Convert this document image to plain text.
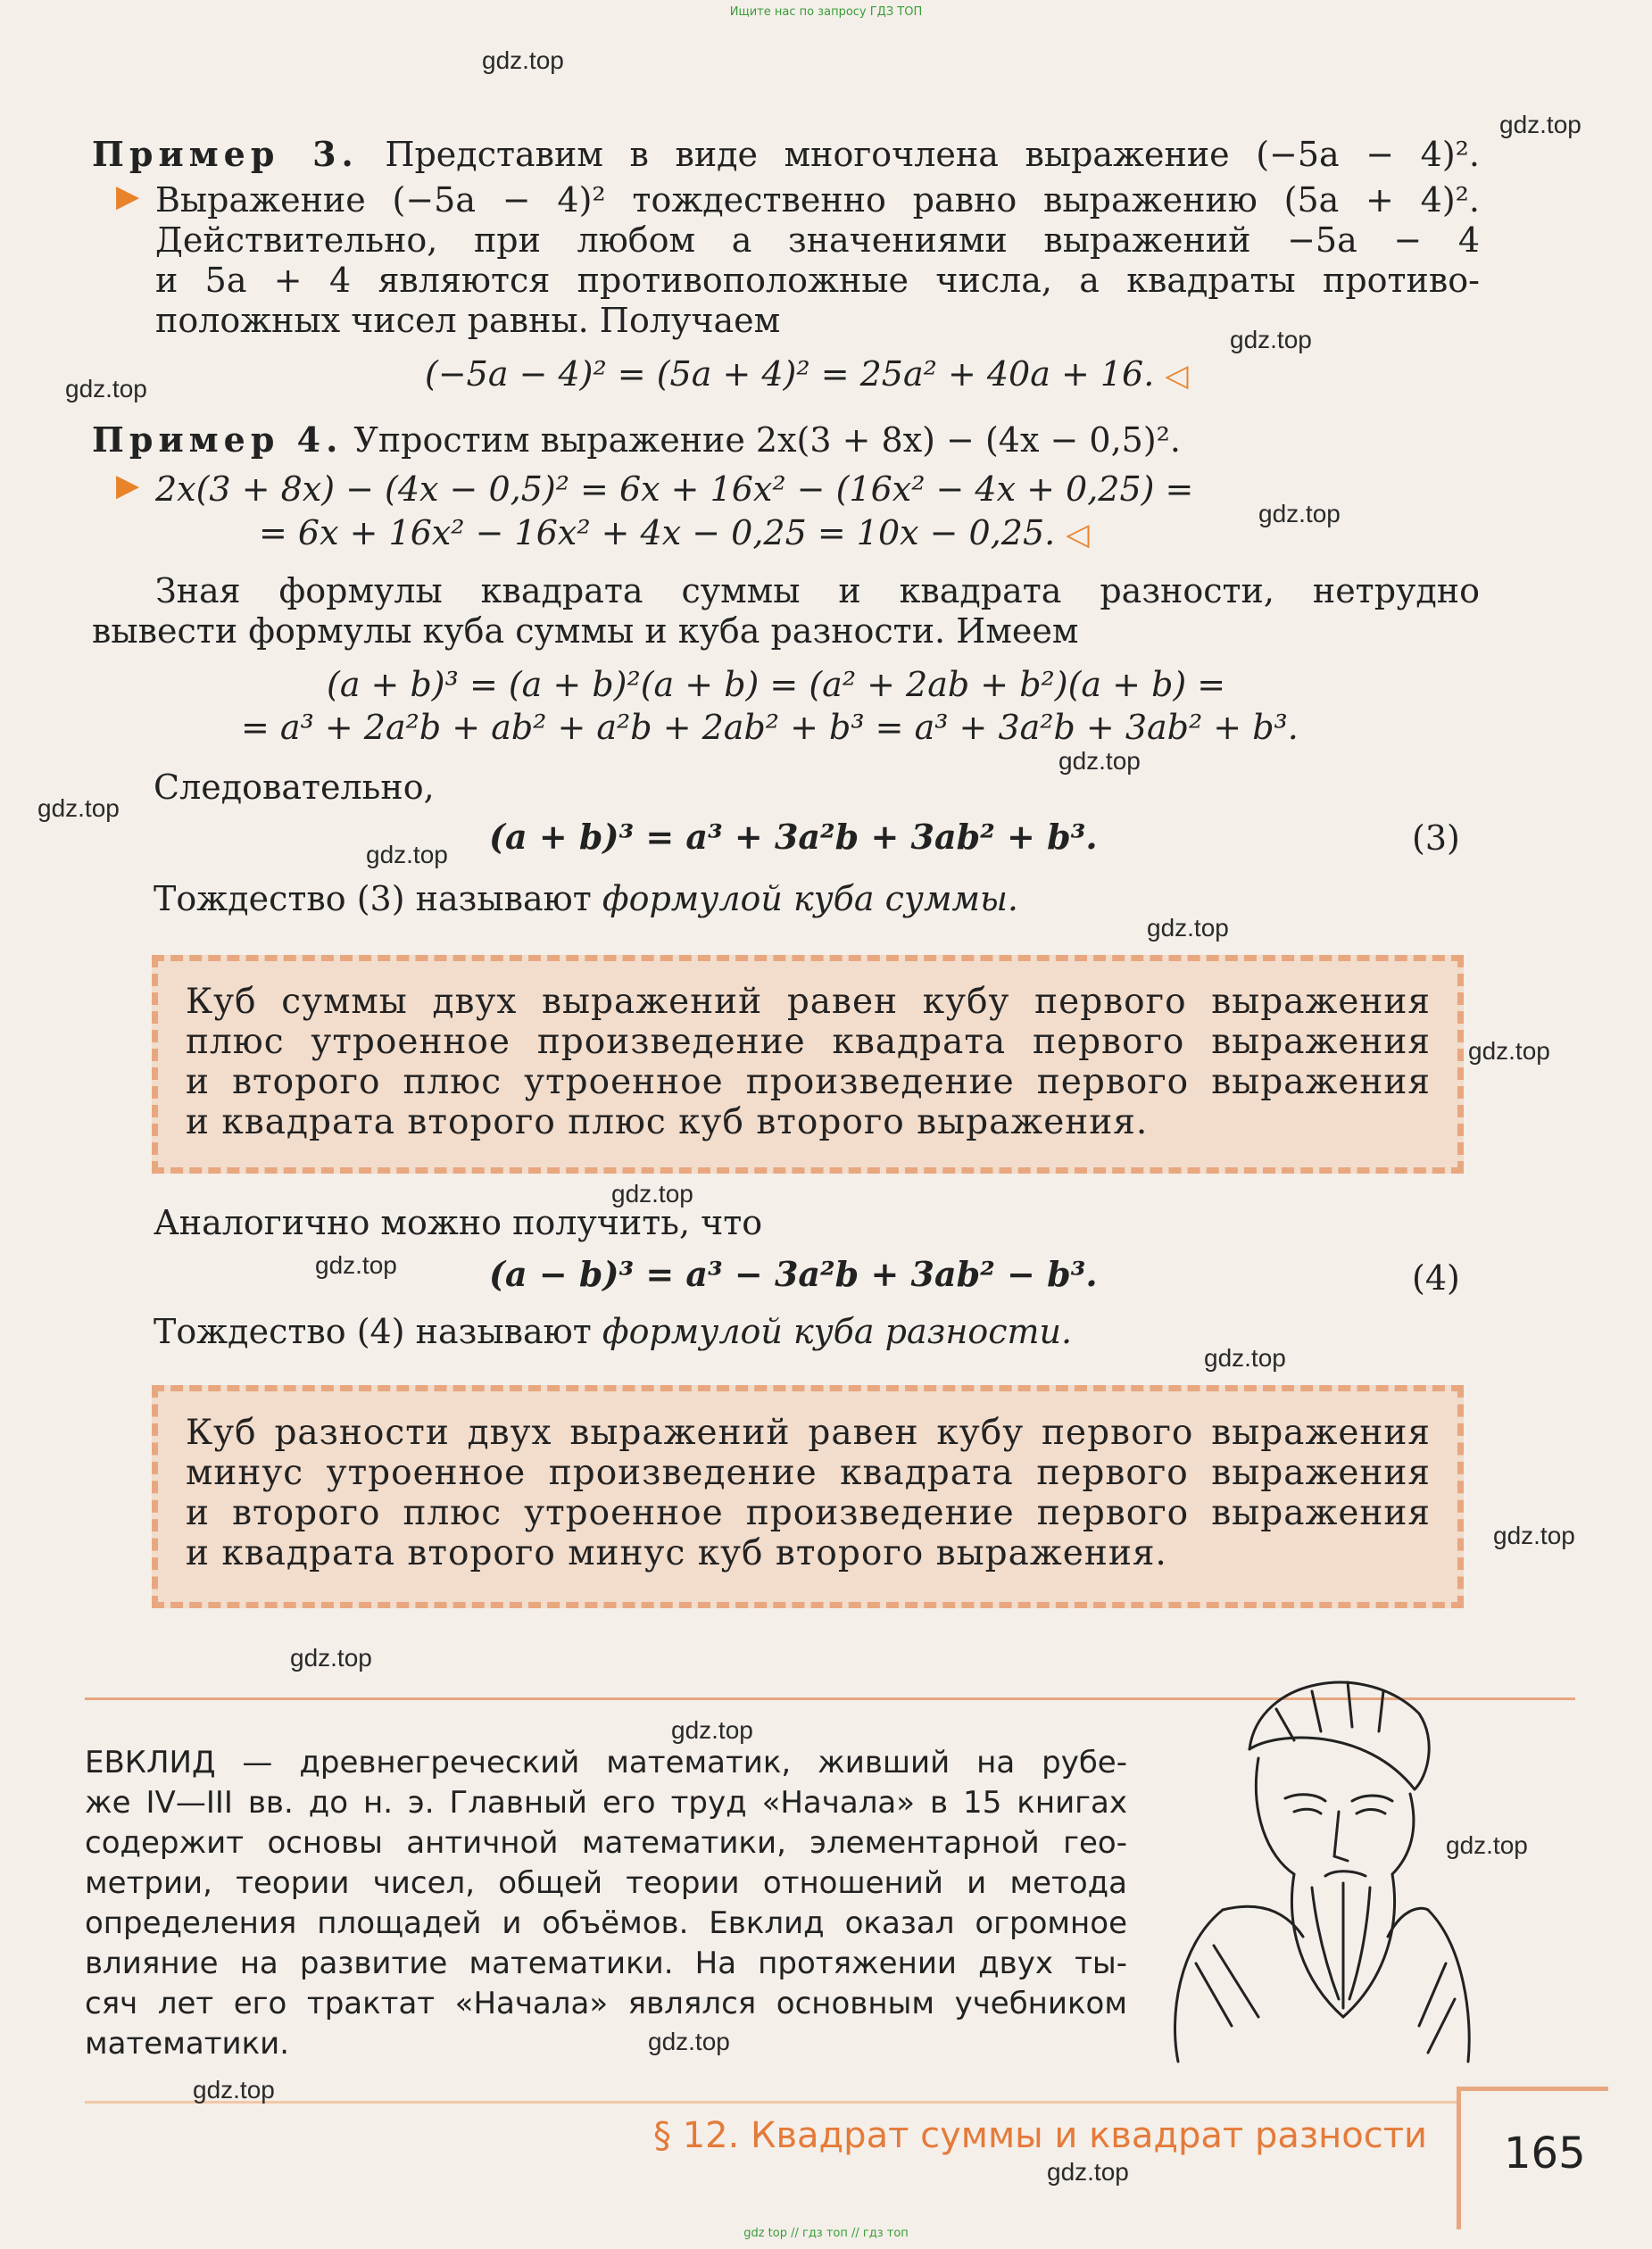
Ищите нас по запросу ГДЗ ТОП
Пример 3. Представим в виде многочлена выражение (−5a − 4)².
▶ Выражение (−5a − 4)² тождественно равно выражению (5a + 4)².
Действительно, при любом a значениями выражений −5a − 4
и 5a + 4 являются противоположные числа, а квадраты противо-
положных чисел равны. Получаем
(−5a − 4)² = (5a + 4)² = 25a² + 40a + 16. ◁
Пример 4. Упростим выражение 2x(3 + 8x) − (4x − 0,5)².
▶ 2x(3 + 8x) − (4x − 0,5)² = 6x + 16x² − (16x² − 4x + 0,25) =
= 6x + 16x² − 16x² + 4x − 0,25 = 10x − 0,25. ◁
Зная формулы квадрата суммы и квадрата разности, нетрудно
вывести формулы куба суммы и куба разности. Имеем
(a + b)³ = (a + b)²(a + b) = (a² + 2ab + b²)(a + b) =
= a³ + 2a²b + ab² + a²b + 2ab² + b³ = a³ + 3a²b + 3ab² + b³.
Следовательно,
(a + b)³ = a³ + 3a²b + 3ab² + b³.	(3)
Тождество (3) называют формулой куба суммы.
Куб суммы двух выражений равен кубу первого выражения
плюс утроенное произведение квадрата первого выражения
и второго плюс утроенное произведение первого выражения
и квадрата второго плюс куб второго выражения.
Аналогично можно получить, что
(a − b)³ = a³ − 3a²b + 3ab² − b³.	(4)
Тождество (4) называют формулой куба разности.
Куб разности двух выражений равен кубу первого выражения
минус утроенное произведение квадрата первого выражения
и второго плюс утроенное произведение первого выражения
и квадрата второго минус куб второго выражения.
ЕВКЛИД — древнегреческий математик, живший на рубе-
же IV—III вв. до н. э. Главный его труд «Начала» в 15 книгах
содержит основы античной математики, элементарной гео-
метрии, теории чисел, общей теории отношений и метода
определения площадей и объёмов. Евклид оказал огромное
влияние на развитие математики. На протяжении двух ты-
сяч лет его трактат «Начала» являлся основным учебником
математики.
§ 12. Квадрат суммы и квадрат разности 165
gdz top // гдз топ // гдз топ
gdz.top
gdz.top
gdz.top
gdz.top
gdz.top
gdz.top
gdz.top
gdz.top
gdz.top
gdz.top
gdz.top
gdz.top
gdz.top
gdz.top
gdz.top
gdz.top
gdz.top
gdz.top
gdz.top
gdz.top
